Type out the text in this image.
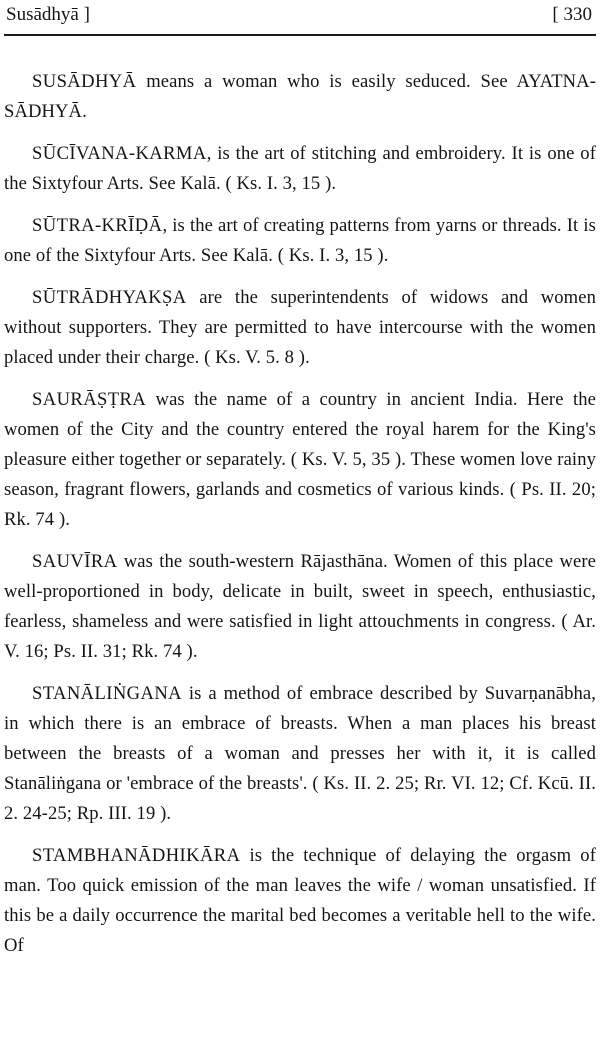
Susādhyā ]	[ 330

SUSĀDHYĀ means a woman who is easily seduced. See AYATNA-SĀDHYĀ.

SŪCĪVANA-KARMA, is the art of stitching and embroidery. It is one of the Sixtyfour Arts. See Kalā. ( Ks. I. 3, 15 ).

SŪTRA-KRĪḌĀ, is the art of creating patterns from yarns or threads. It is one of the Sixtyfour Arts. See Kalā. ( Ks. I. 3, 15 ).

SŪTRĀDHYAKṢA are the superintendents of widows and women without supporters. They are permitted to have intercourse with the women placed under their charge. ( Ks. V. 5. 8 ).

SAURĀṢṬRA was the name of a country in ancient India. Here the women of the City and the country entered the royal harem for the King's pleasure either together or separately. ( Ks. V. 5, 35 ). These women love rainy season, fragrant flowers, garlands and cosmetics of various kinds. ( Ps. II. 20; Rk. 74 ).

SAUVĪRA was the south-western Rājasthāna. Women of this place were well-proportioned in body, delicate in built, sweet in speech, enthusiastic, fearless, shameless and were satisfied in light attouchments in congress. ( Ar. V. 16; Ps. II. 31; Rk. 74 ).

STANĀLIṄGANA is a method of embrace described by Suvarṇanābha, in which there is an embrace of breasts. When a man places his breast between the breasts of a woman and presses her with it, it is called Stanāliṅgana or 'embrace of the breasts'. ( Ks. II. 2. 25; Rr. VI. 12; Cf. Kcū. II. 2. 24-25; Rp. III. 19 ).

STAMBHANĀDHIKĀRA is the technique of delaying the orgasm of man. Too quick emission of the man leaves the wife / woman unsatisfied. If this be a daily occurrence the marital bed becomes a veritable hell to the wife. Of
